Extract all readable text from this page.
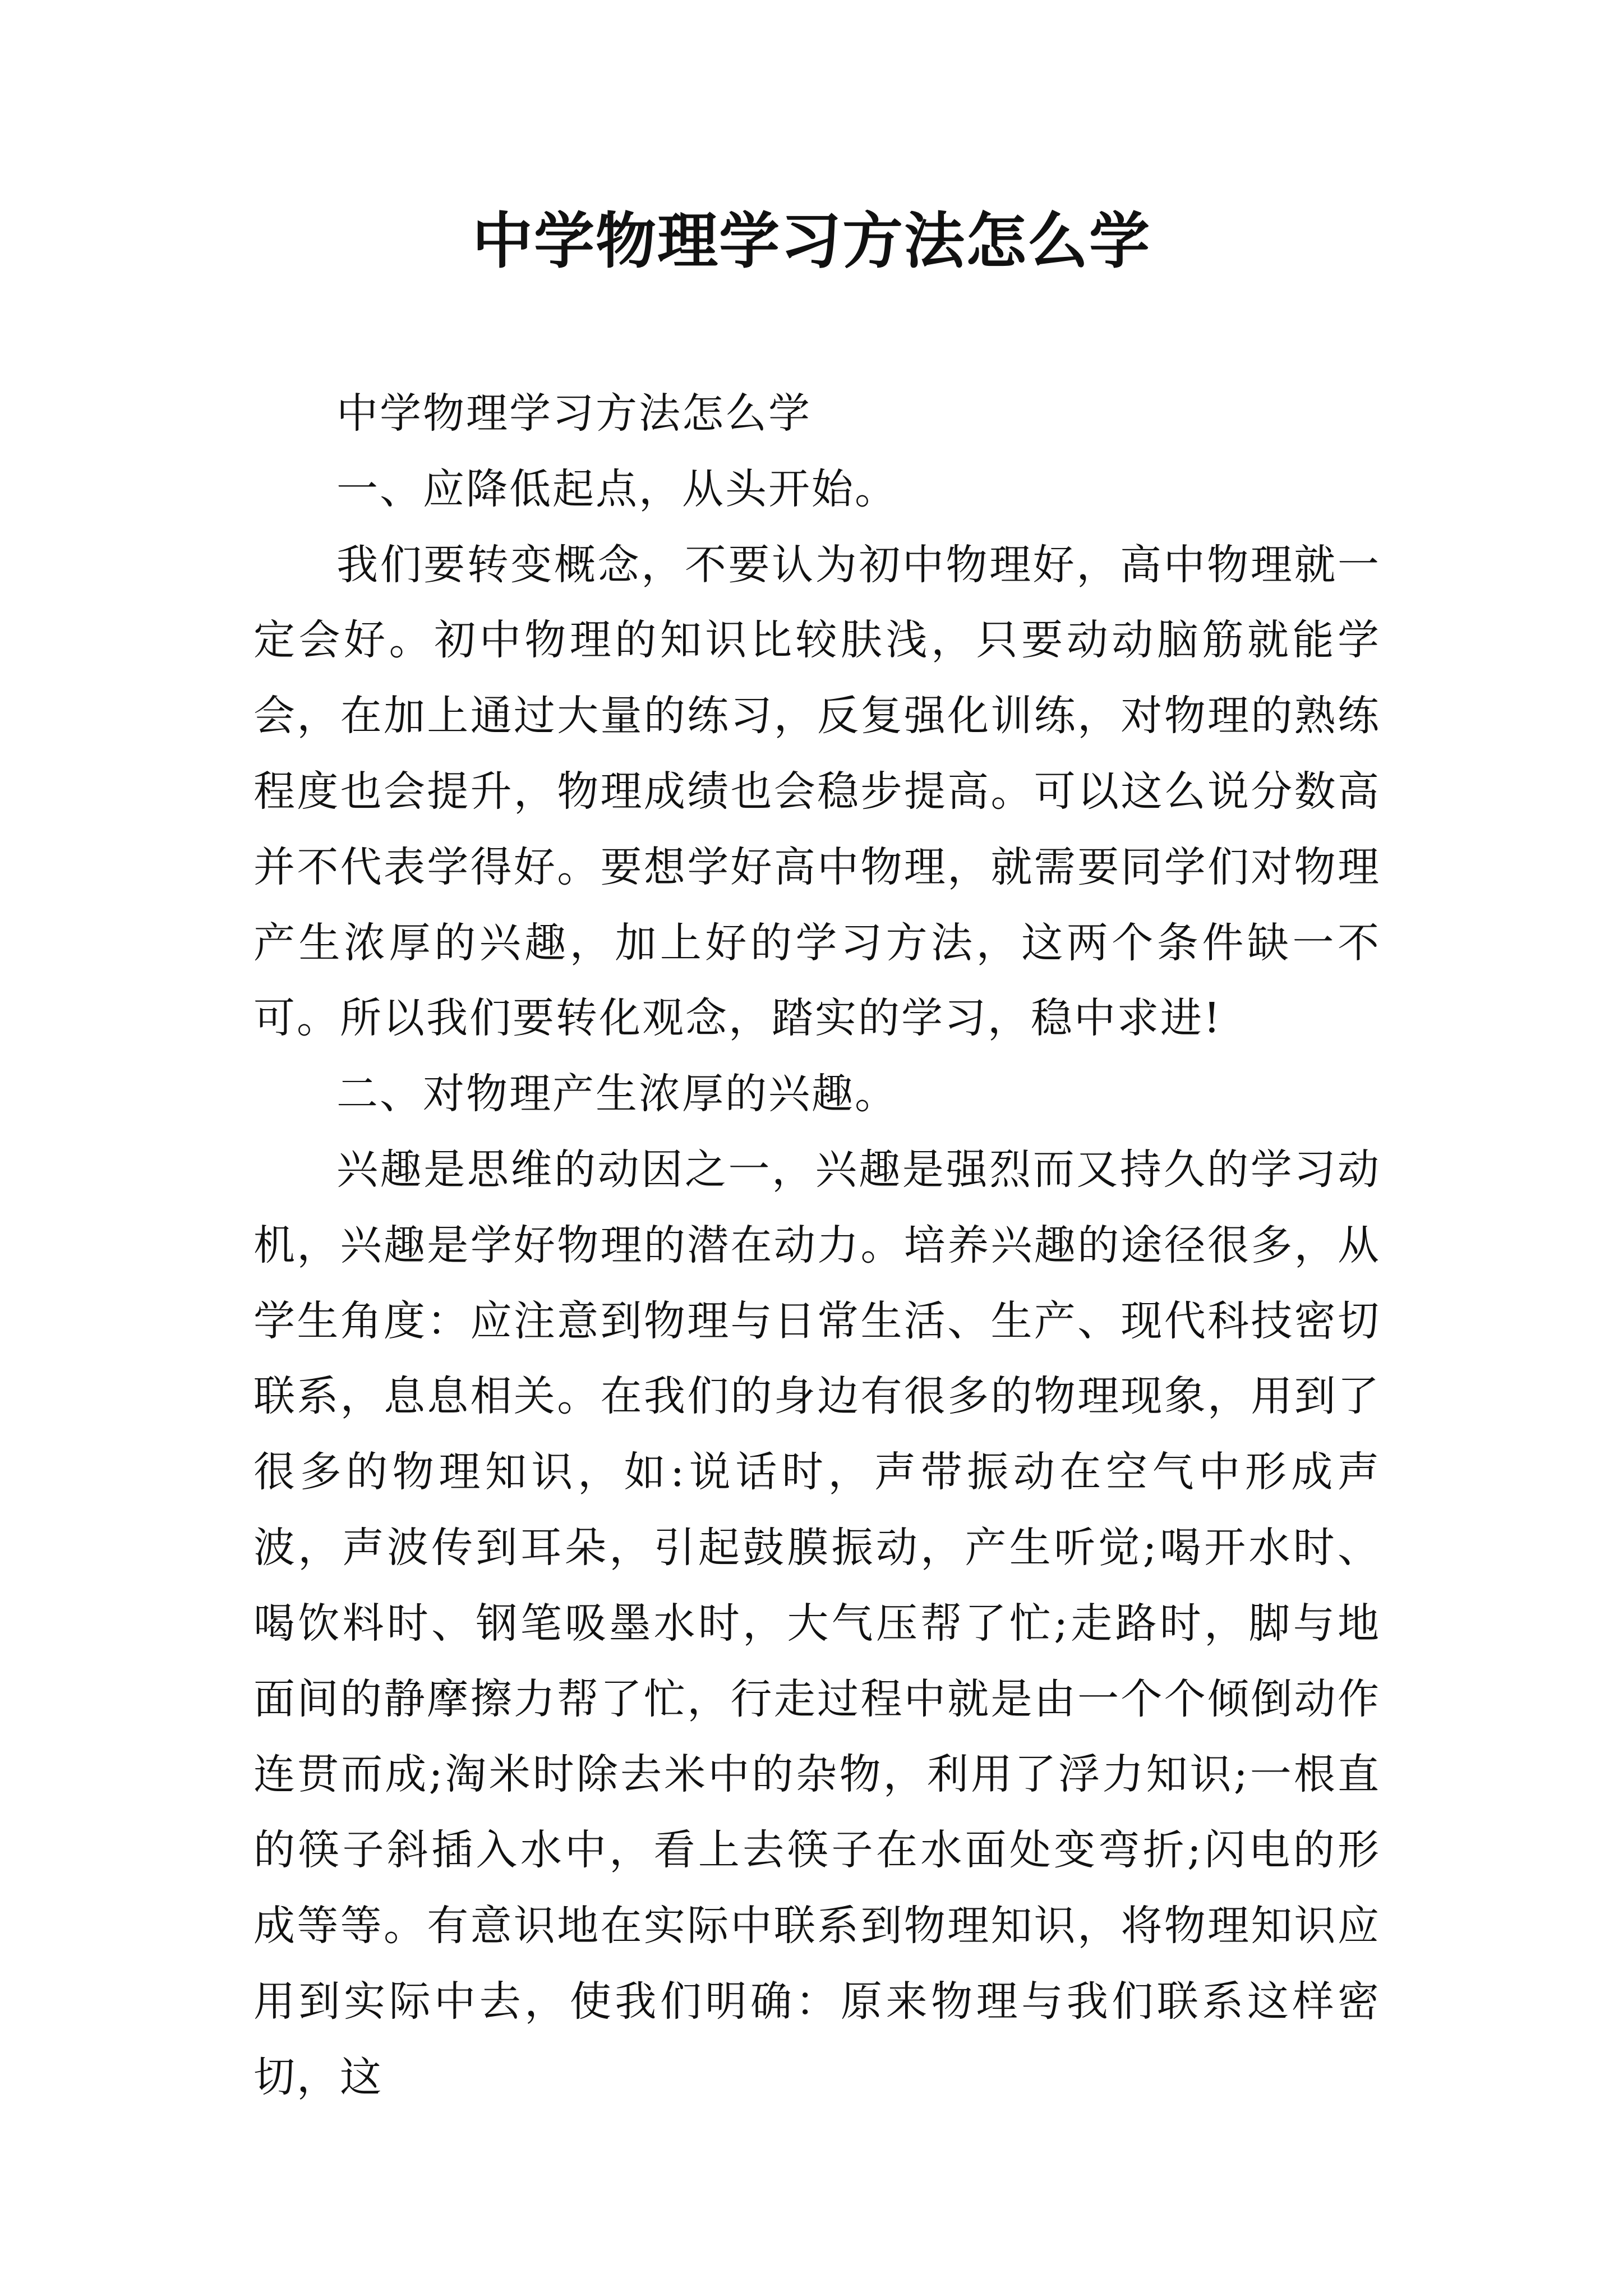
中学物理学习方法怎么学

中学物理学习方法怎么学

一、应降低起点，从头开始。

我们要转变概念，不要认为初中物理好，高中物理就一定会好。初中物理的知识比较肤浅，只要动动脑筋就能学会，在加上通过大量的练习，反复强化训练，对物理的熟练程度也会提升，物理成绩也会稳步提高。可以这么说分数高并不代表学得好。要想学好高中物理，就需要同学们对物理产生浓厚的兴趣，加上好的学习方法，这两个条件缺一不可。所以我们要转化观念，踏实的学习，稳中求进!

二、对物理产生浓厚的兴趣。

兴趣是思维的动因之一，兴趣是强烈而又持久的学习动机，兴趣是学好物理的潜在动力。培养兴趣的途径很多，从学生角度：应注意到物理与日常生活、生产、现代科技密切联系，息息相关。在我们的身边有很多的物理现象，用到了很多的物理知识，如:说话时，声带振动在空气中形成声波，声波传到耳朵，引起鼓膜振动，产生听觉;喝开水时、喝饮料时、钢笔吸墨水时，大气压帮了忙;走路时，脚与地面间的静摩擦力帮了忙，行走过程中就是由一个个倾倒动作连贯而成;淘米时除去米中的杂物，利用了浮力知识;一根直的筷子斜插入水中，看上去筷子在水面处变弯折;闪电的形成等等。有意识地在实际中联系到物理知识，将物理知识应用到实际中去，使我们明确：原来物理与我们联系这样密切，这
